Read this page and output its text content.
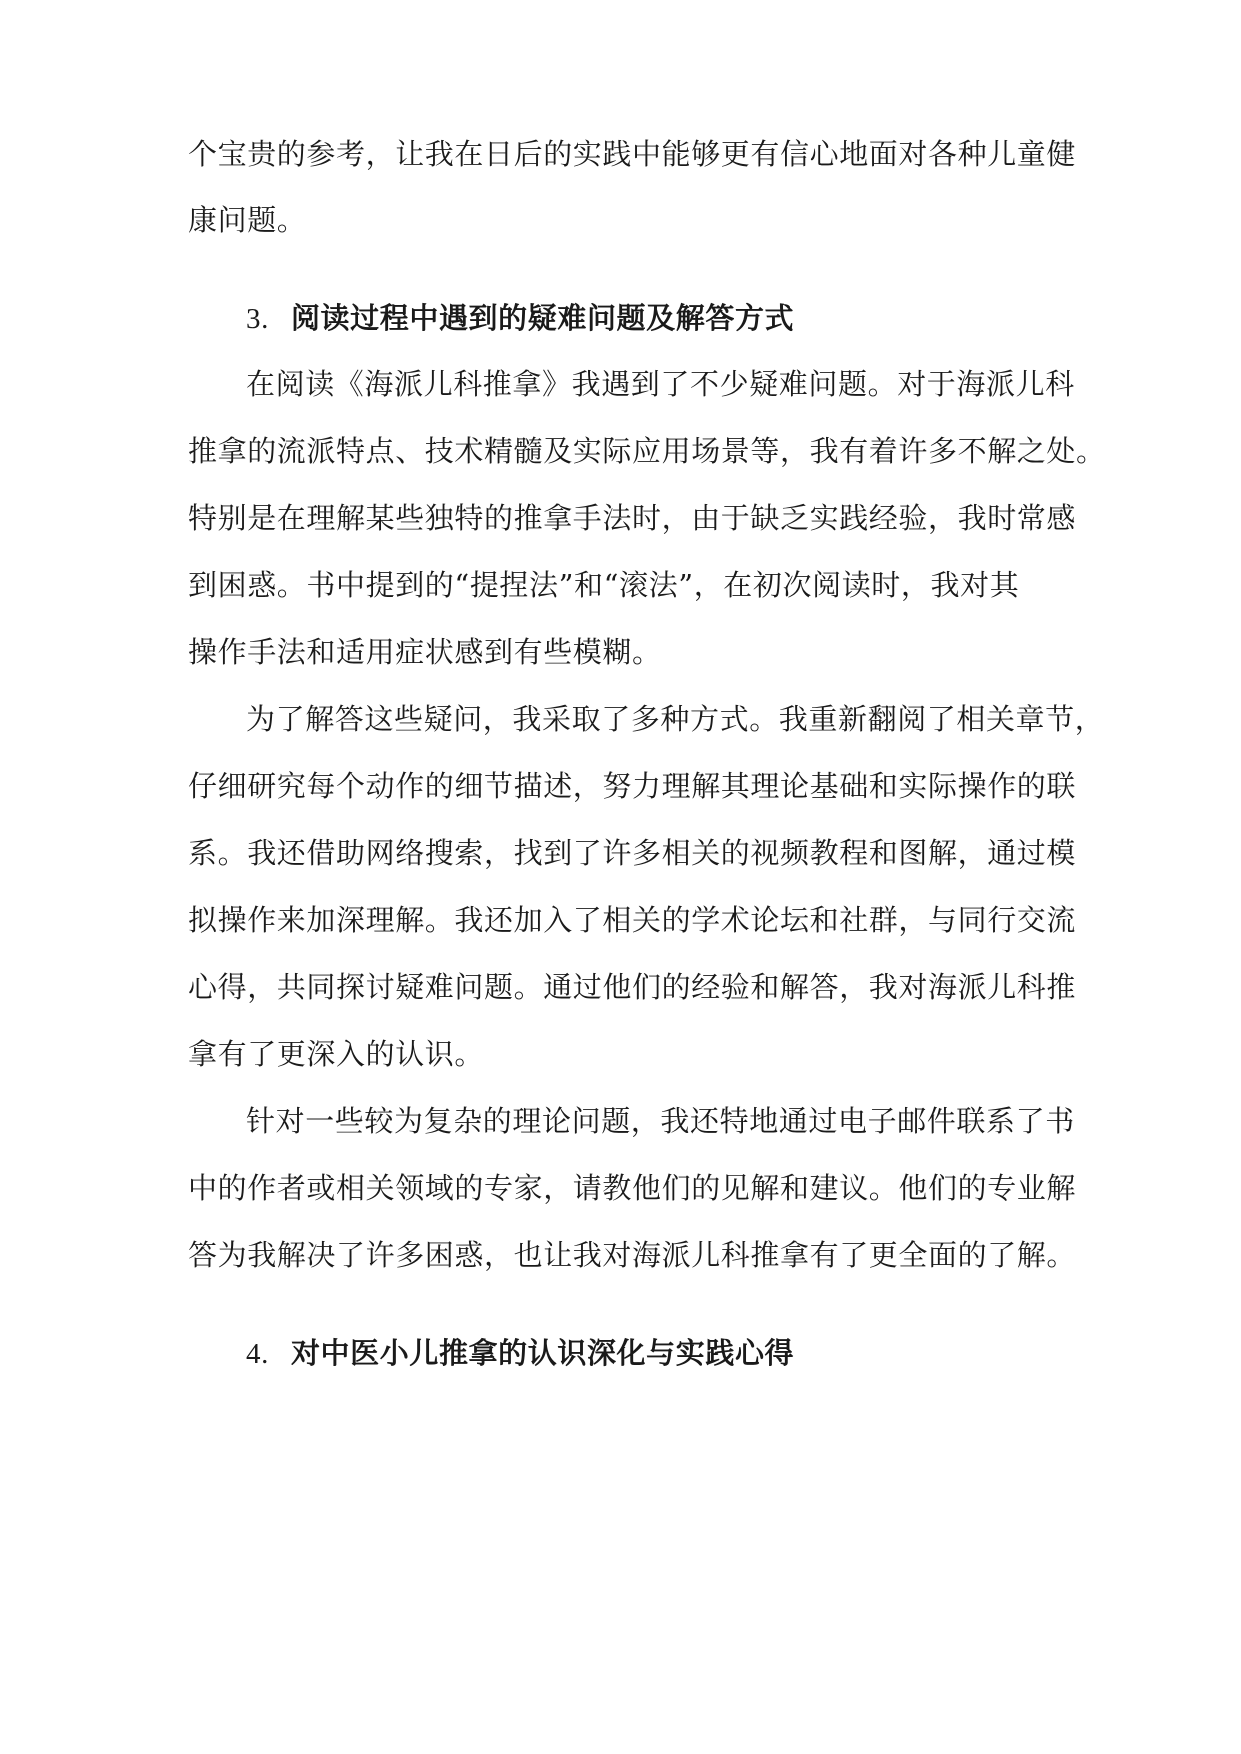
个宝贵的参考，让我在日后的实践中能够更有信心地面对各种儿童健
康问题。
3. 阅读过程中遇到的疑难问题及解答方式
在阅读《海派儿科推拿》我遇到了不少疑难问题。对于海派儿科
推拿的流派特点、技术精髓及实际应用场景等，我有着许多不解之处。
特别是在理解某些独特的推拿手法时，由于缺乏实践经验，我时常感
到困惑。书中提到的“提捏法”和“滚法”，在初次阅读时，我对其
操作手法和适用症状感到有些模糊。
为了解答这些疑问，我采取了多种方式。我重新翻阅了相关章节，
仔细研究每个动作的细节描述，努力理解其理论基础和实际操作的联
系。我还借助网络搜索，找到了许多相关的视频教程和图解，通过模
拟操作来加深理解。我还加入了相关的学术论坛和社群，与同行交流
心得，共同探讨疑难问题。通过他们的经验和解答，我对海派儿科推
拿有了更深入的认识。
针对一些较为复杂的理论问题，我还特地通过电子邮件联系了书
中的作者或相关领域的专家，请教他们的见解和建议。他们的专业解
答为我解决了许多困惑，也让我对海派儿科推拿有了更全面的了解。
4. 对中医小儿推拿的认识深化与实践心得
